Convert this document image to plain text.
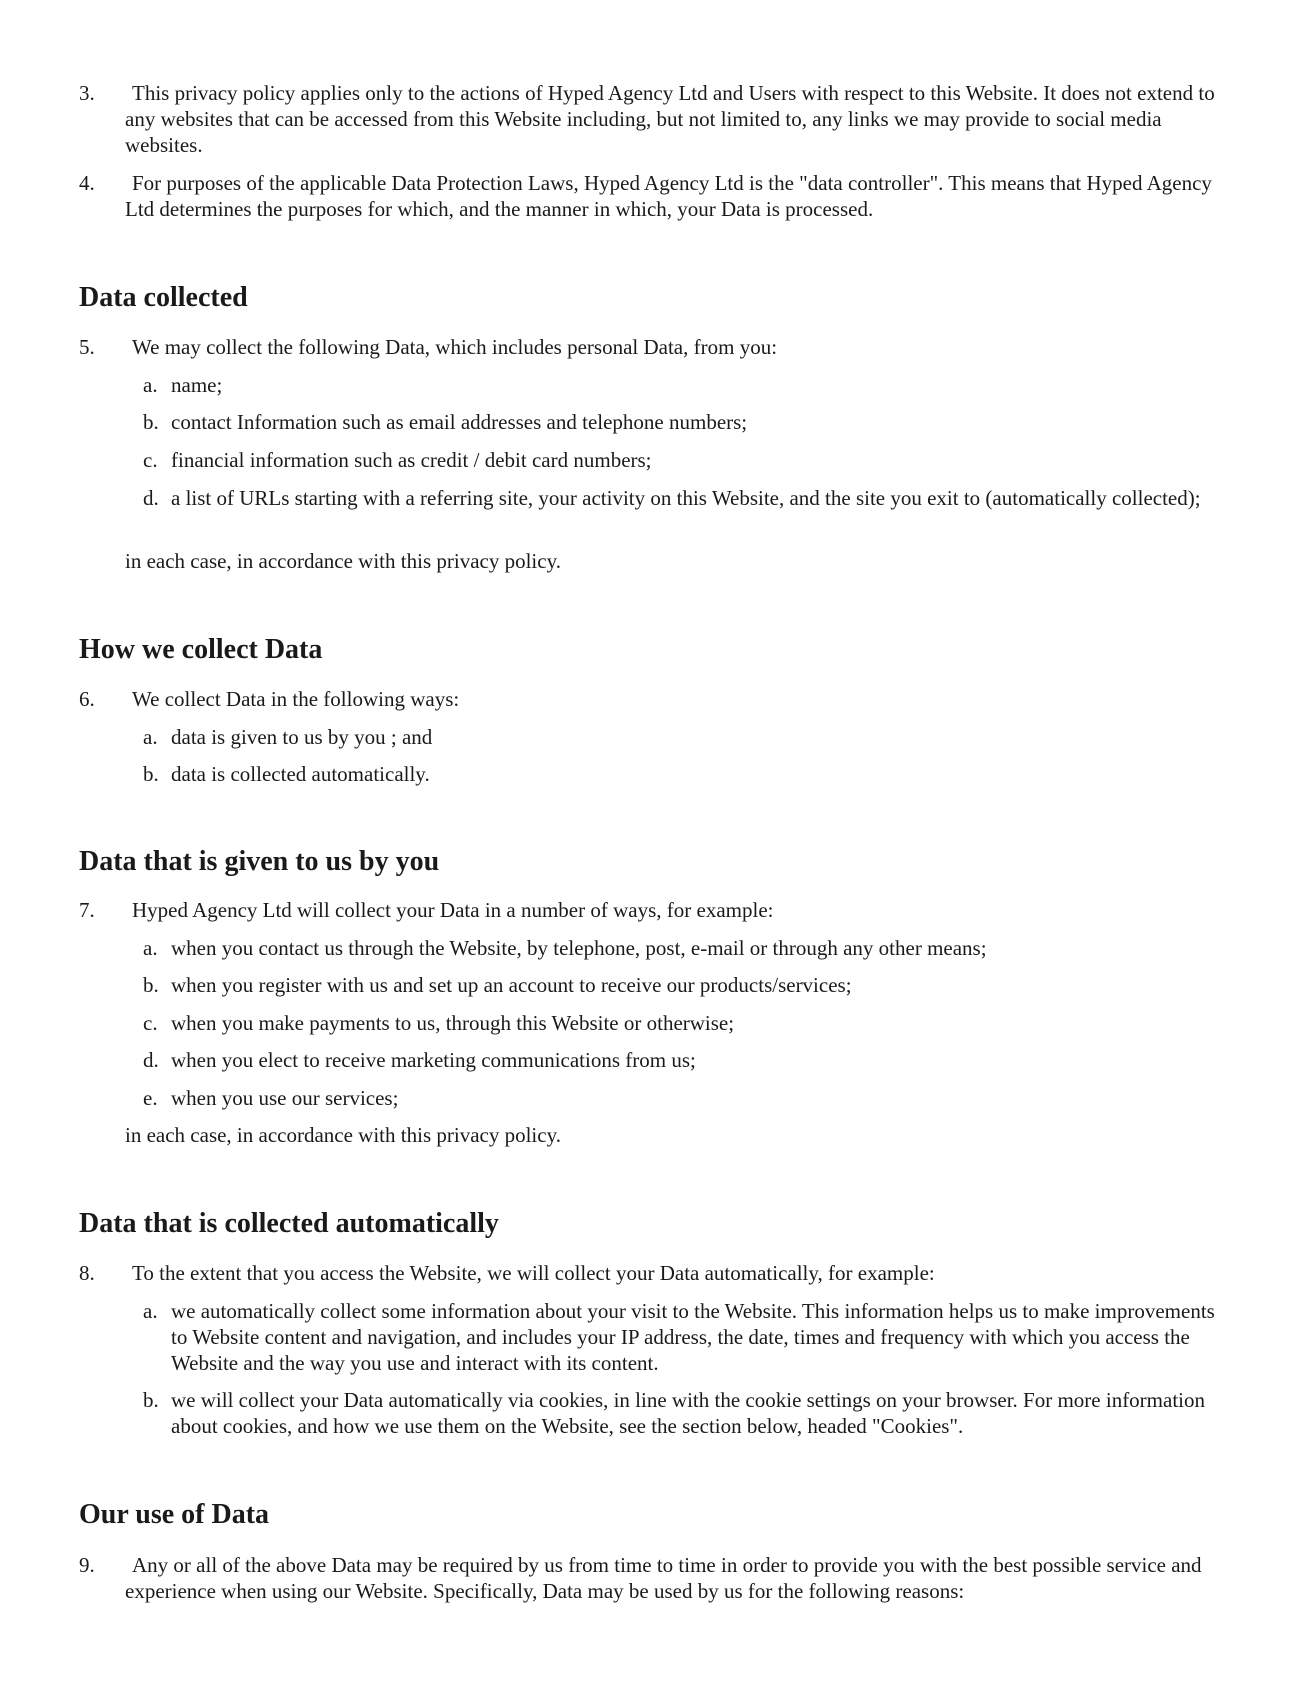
3.	This privacy policy applies only to the actions of Hyped Agency Ltd and Users with respect to this Website. It does not extend to any websites that can be accessed from this Website including, but not limited to, any links we may provide to social media websites.
4.	For purposes of the applicable Data Protection Laws, Hyped Agency Ltd is the "data controller". This means that Hyped Agency Ltd determines the purposes for which, and the manner in which, your Data is processed.
Data collected
5. We may collect the following Data, which includes personal Data, from you:
a. name;
b. contact Information such as email addresses and telephone numbers;
c. financial information such as credit / debit card numbers;
d. a list of URLs starting with a referring site, your activity on this Website, and the site you exit to (automatically collected);
in each case, in accordance with this privacy policy.
How we collect Data
6. We collect Data in the following ways:
a. data is given to us by you ; and
b. data is collected automatically.
Data that is given to us by you
7. Hyped Agency Ltd will collect your Data in a number of ways, for example:
a. when you contact us through the Website, by telephone, post, e-mail or through any other means;
b. when you register with us and set up an account to receive our products/services;
c. when you make payments to us, through this Website or otherwise;
d. when you elect to receive marketing communications from us;
e. when you use our services;
in each case, in accordance with this privacy policy.
Data that is collected automatically
8. To the extent that you access the Website, we will collect your Data automatically, for example:
a. we automatically collect some information about your visit to the Website. This information helps us to make improvements to Website content and navigation, and includes your IP address, the date, times and frequency with which you access the Website and the way you use and interact with its content.
b. we will collect your Data automatically via cookies, in line with the cookie settings on your browser. For more information about cookies, and how we use them on the Website, see the section below, headed "Cookies".
Our use of Data
9.	Any or all of the above Data may be required by us from time to time in order to provide you with the best possible service and experience when using our Website. Specifically, Data may be used by us for the following reasons:
